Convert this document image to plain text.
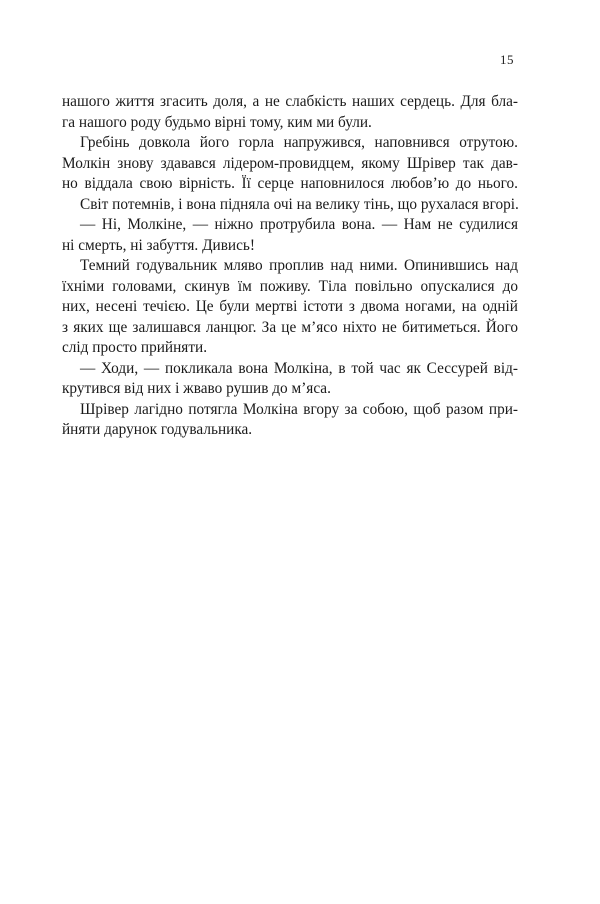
15
нашого життя згасить доля, а не слабкість наших сердець. Для бла-
га нашого роду будьмо вірні тому, ким ми були.
Гребінь довкола його горла напружився, наповнився отрутою.
Молкін знову здавався лідером-провидцем, якому Шрівер так дав-
но віддала свою вірність. Її серце наповнилося любов’ю до нього.
Світ потемнів, і вона підняла очі на велику тінь, що рухалася вгорі.
— Ні, Молкіне, — ніжно протрубила вона. — Нам не судилися
ні смерть, ні забуття. Дивись!
Темний годувальник мляво проплив над ними. Опинившись над
їхніми головами, скинув їм поживу. Тіла повільно опускалися до
них, несені течією. Це були мертві істоти з двома ногами, на одній
з яких ще залишався ланцюг. За це м’ясо ніхто не битиметься. Його
слід просто прийняти.
— Ходи, — покликала вона Молкіна, в той час як Сессурей від-
крутився від них і жваво рушив до м’яса.
Шрівер лагідно потягла Молкіна вгору за собою, щоб разом при-
йняти дарунок годувальника.
